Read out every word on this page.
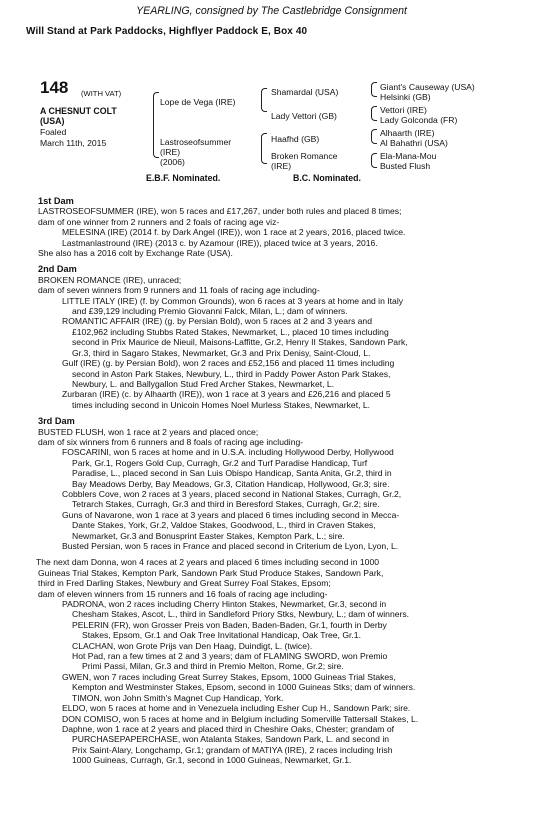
YEARLING, consigned by The Castlebridge Consignment
Will Stand at Park Paddocks, Highflyer Paddock E, Box 40
148 (WITH VAT)
A CHESNUT COLT
(USA)
Foaled
March 11th, 2015
Lope de Vega (IRE)
Lastroseofsummer
(IRE)
(2006)
Shamardal (USA)
Lady Vettori (GB)
Haafhd (GB)
Broken Romance
(IRE)
Giant's Causeway (USA)
Helsinki (GB)
Vettori (IRE)
Lady Golconda (FR)
Alhaarth (IRE)
Al Bahathri (USA)
Ela-Mana-Mou
Busted Flush
E.B.F. Nominated.	B.C. Nominated.
1st Dam
LASTROSEOFSUMMER (IRE), won 5 races and £17,267, under both rules and placed 8 times;
dam of one winner from 2 runners and 2 foals of racing age viz-
MELESINA (IRE) (2014 f. by Dark Angel (IRE)), won 1 race at 2 years, 2016, placed twice.
Lastmanlastround (IRE) (2013 c. by Azamour (IRE)), placed twice at 3 years, 2016.
She also has a 2016 colt by Exchange Rate (USA).
2nd Dam
BROKEN ROMANCE (IRE), unraced;
dam of seven winners from 9 runners and 11 foals of racing age including-
LITTLE ITALY (IRE) (f. by Common Grounds), won 6 races at 3 years at home and in Italy
and £39,129 including Premio Giovanni Falck, Milan, L.; dam of winners.
ROMANTIC AFFAIR (IRE) (g. by Persian Bold), won 5 races at 2 and 3 years and
£102,962 including Stubbs Rated Stakes, Newmarket, L., placed 10 times including
second in Prix Maurice de Nieuil, Maisons-Laffitte, Gr.2, Henry II Stakes, Sandown Park,
Gr.3, third in Sagaro Stakes, Newmarket, Gr.3 and Prix Denisy, Saint-Cloud, L.
Gulf (IRE) (g. by Persian Bold), won 2 races and £52,156 and placed 11 times including
second in Aston Park Stakes, Newbury, L., third in Paddy Power Aston Park Stakes,
Newbury, L. and Ballygallon Stud Fred Archer Stakes, Newmarket, L.
Zurbaran (IRE) (c. by Alhaarth (IRE)), won 1 race at 3 years and £26,216 and placed 5
times including second in Unicoin Homes Noel Murless Stakes, Newmarket, L.
3rd Dam
BUSTED FLUSH, won 1 race at 2 years and placed once;
dam of six winners from 6 runners and 8 foals of racing age including-
FOSCARINI, won 5 races at home and in U.S.A. including Hollywood Derby, Hollywood
Park, Gr.1, Rogers Gold Cup, Curragh, Gr.2 and Turf Paradise Handicap, Turf
Paradise, L., placed second in San Luis Obispo Handicap, Santa Anita, Gr.2, third in
Bay Meadows Derby, Bay Meadows, Gr.3, Citation Handicap, Hollywood, Gr.3; sire.
Cobblers Cove, won 2 races at 3 years, placed second in National Stakes, Curragh, Gr.2,
Tetrarch Stakes, Curragh, Gr.3 and third in Beresford Stakes, Curragh, Gr.2; sire.
Guns of Navarone, won 1 race at 3 years and placed 6 times including second in Mecca-
Dante Stakes, York, Gr.2, Valdoe Stakes, Goodwood, L., third in Craven Stakes,
Newmarket, Gr.3 and Bonusprint Easter Stakes, Kempton Park, L.; sire.
Busted Persian, won 5 races in France and placed second in Criterium de Lyon, Lyon, L.
The next dam Donna, won 4 races at 2 years and placed 6 times including second in 1000
Guineas Trial Stakes, Kempton Park, Sandown Park Stud Produce Stakes, Sandown Park,
third in Fred Darling Stakes, Newbury and Great Surrey Foal Stakes, Epsom;
dam of eleven winners from 15 runners and 16 foals of racing age including-
PADRONA, won 2 races including Cherry Hinton Stakes, Newmarket, Gr.3, second in
Chesham Stakes, Ascot, L., third in Sandleford Priory Stks, Newbury, L.; dam of winners.
PELERIN (FR), won Grosser Preis von Baden, Baden-Baden, Gr.1, fourth in Derby
Stakes, Epsom, Gr.1 and Oak Tree Invitational Handicap, Oak Tree, Gr.1.
CLACHAN, won Grote Prijs van Den Haag, Duindigt, L. (twice).
Hot Pad, ran a few times at 2 and 3 years; dam of FLAMING SWORD, won Premio
Primi Passi, Milan, Gr.3 and third in Premio Melton, Rome, Gr.2; sire.
GWEN, won 7 races including Great Surrey Stakes, Epsom, 1000 Guineas Trial Stakes,
Kempton and Westminster Stakes, Epsom, second in 1000 Guineas Stks; dam of winners.
TIMON, won John Smith's Magnet Cup Handicap, York.
ELDO, won 5 races at home and in Venezuela including Esher Cup H., Sandown Park; sire.
DON COMISO, won 5 races at home and in Belgium including Somerville Tattersall Stakes, L.
Daphne, won 1 race at 2 years and placed third in Cheshire Oaks, Chester; grandam of
PURCHASEPAPERCHASE, won Atalanta Stakes, Sandown Park, L. and second in
Prix Saint-Alary, Longchamp, Gr.1; grandam of MATIYA (IRE), 2 races including Irish
1000 Guineas, Curragh, Gr.1, second in 1000 Guineas, Newmarket, Gr.1.
